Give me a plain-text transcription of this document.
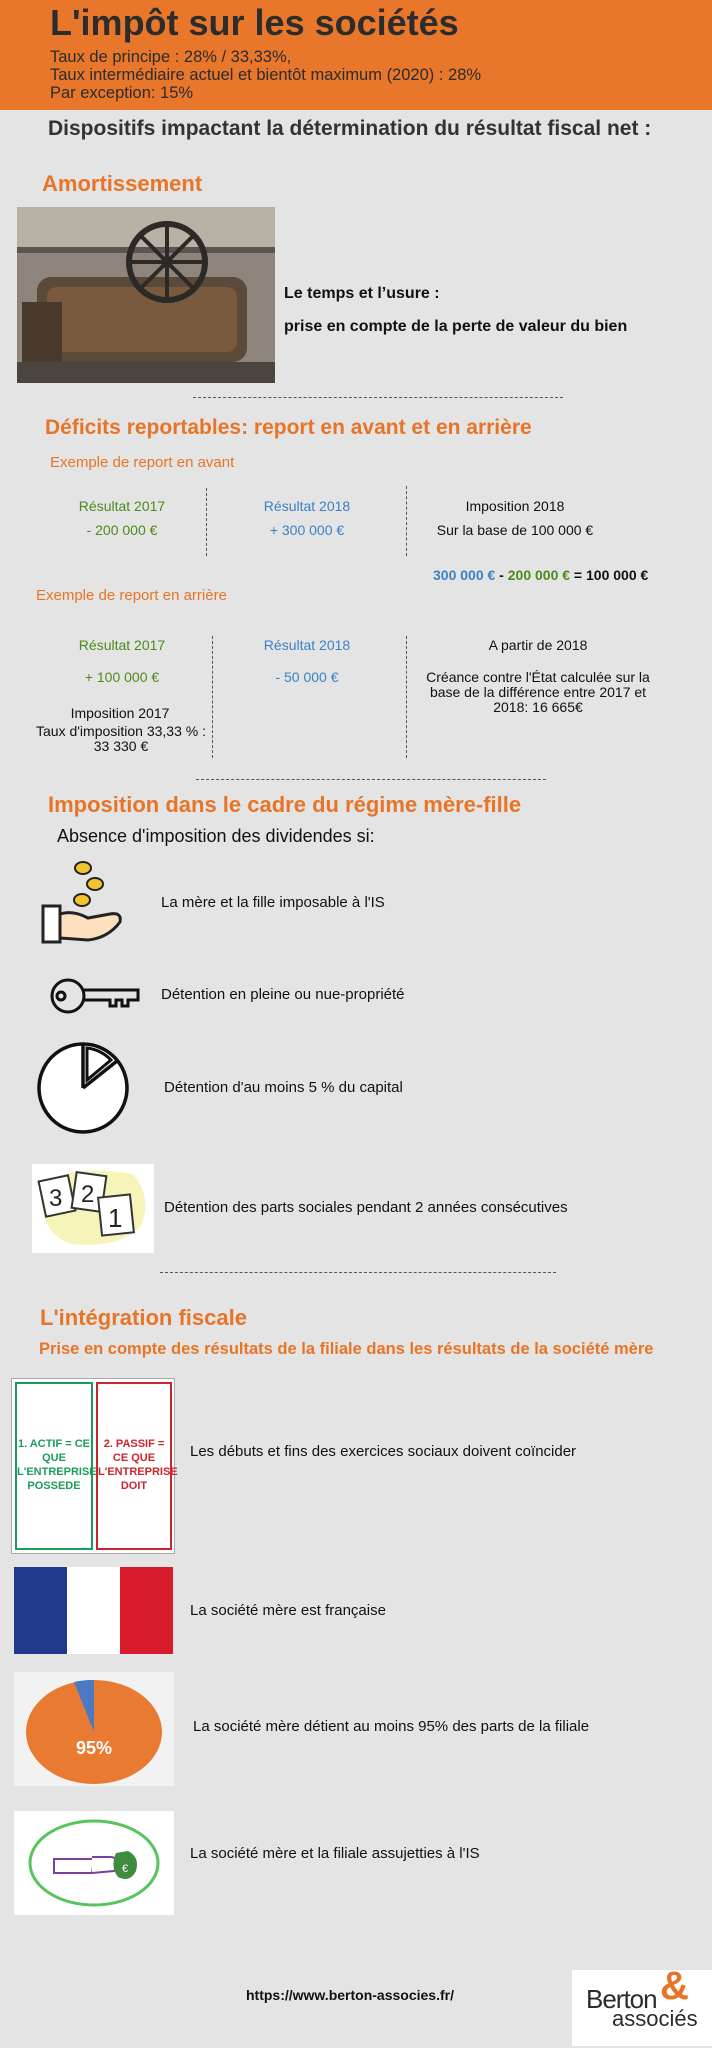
L'impôt sur les sociétés
Taux de principe : 28% / 33,33%,
Taux intermédiaire actuel et bientôt maximum (2020) : 28%
Par exception: 15%
Dispositifs impactant la détermination du résultat fiscal net :
Amortissement
Le temps et l’usure :
prise en compte de la perte de valeur du bien
Déficits reportables: report en avant et en arrière
Exemple de report en avant
Résultat 2017
- 200 000 €
Résultat 2018
+ 300 000 €
Imposition 2018
Sur la base de 100 000 €
300 000 € - 200 000 € = 100 000 €
Exemple de report en arrière
Résultat 2017
+ 100 000 €
Imposition 2017
Taux d'imposition 33,33 % : 33 330 €
Résultat 2018
- 50 000 €
A partir de 2018
Créance contre l'État calculée sur la base de la différence entre 2017 et 2018: 16 665€
Imposition dans le cadre du régime mère-fille
Absence d'imposition des dividendes si:
La mère et la fille imposable à l'IS
Détention en pleine ou nue-propriété
Détention d'au moins 5 % du capital
3 2
1	Détention des parts sociales pendant 2 années consécutives
L'intégration fiscale
Prise en compte des résultats de la filiale dans les résultats de la société mère
1. ACTIF = CE QUE L'ENTREPRISE POSSEDE
2. PASSIF = CE QUE L'ENTREPRISE DOIT
Les débuts et fins des exercices sociaux doivent coïncider
La société mère est française
95%
La société mère détient au moins 95% des parts de la filiale
€
La société mère et la filiale assujetties à l'IS
https://www.berton-associes.fr/	Berton &
associés
